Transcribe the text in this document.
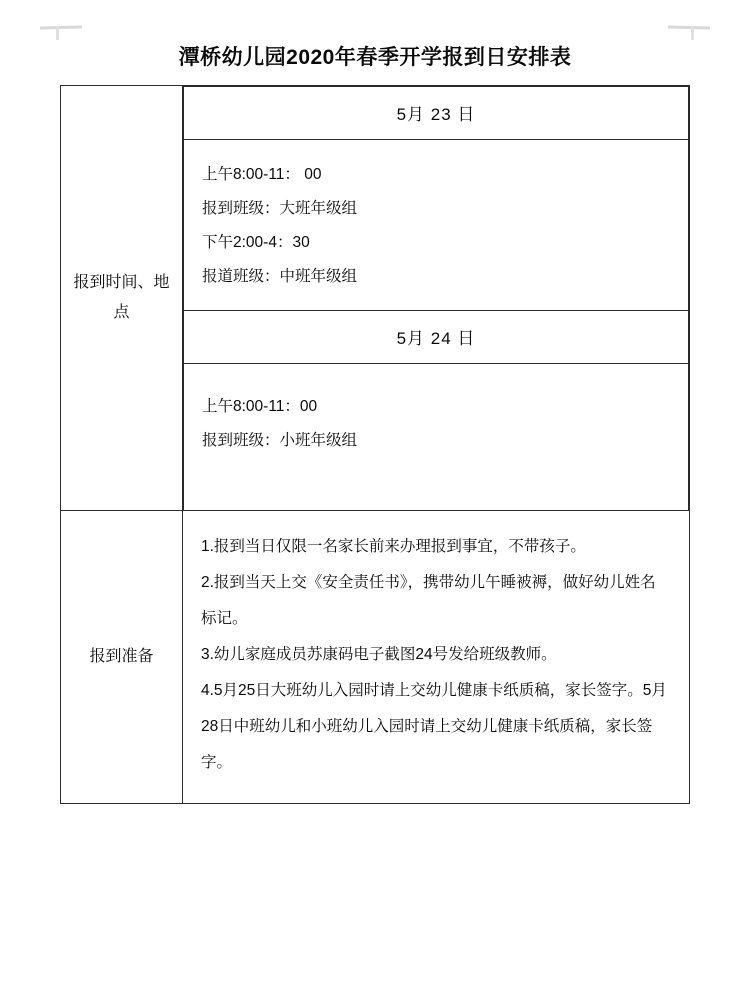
潭桥幼儿园2020年春季开学报到日安排表
报到时间、地点	
5月 23 日

上午8:00-11： 00
报到班级：大班年级组
下午2:00-4：30
报道班级：中班年级组

5月 24 日

上午8:00-11：00
报到班级：小班年级组

报到准备	

1.报到当日仅限一名家长前来办理报到事宜，不带孩子。

2.报到当天上交《安全责任书》，携带幼儿午睡被褥，做好幼儿姓名标记。

3.幼儿家庭成员苏康码电子截图24号发给班级教师。

4.5月25日大班幼儿入园时请上交幼儿健康卡纸质稿，家长签字。5月28日中班幼儿和小班幼儿入园时请上交幼儿健康卡纸质稿，家长签字。
